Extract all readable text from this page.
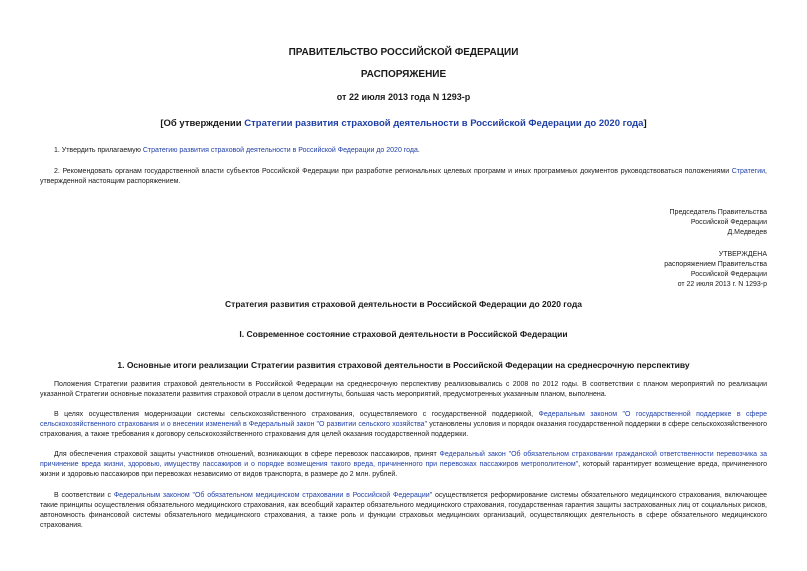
ПРАВИТЕЛЬСТВО РОССИЙСКОЙ ФЕДЕРАЦИИ
РАСПОРЯЖЕНИЕ
от 22 июля 2013 года N 1293-р
[Об утверждении Стратегии развития страховой деятельности в Российской Федерации до 2020 года]
1. Утвердить прилагаемую Стратегию развития страховой деятельности в Российской Федерации до 2020 года.
2. Рекомендовать органам государственной власти субъектов Российской Федерации при разработке региональных целевых программ и иных программных документов руководствоваться положениями Стратегии, утвержденной настоящим распоряжением.
Председатель Правительства
Российской Федерации
Д.Медведев
УТВЕРЖДЕНА
распоряжением Правительства
Российской Федерации
от 22 июля 2013 г. N 1293-р
Стратегия развития страховой деятельности в Российской Федерации до 2020 года
I. Современное состояние страховой деятельности в Российской Федерации
1. Основные итоги реализации Стратегии развития страховой деятельности в Российской Федерации на среднесрочную перспективу
Положения Стратегии развития страховой деятельности в Российской Федерации на среднесрочную перспективу реализовывались с 2008 по 2012 годы. В соответствии с планом мероприятий по реализации указанной Стратегии основные показатели развития страховой отрасли в целом достигнуты, большая часть мероприятий, предусмотренных указанным планом, выполнена.
В целях осуществления модернизации системы сельскохозяйственного страхования, осуществляемого с государственной поддержкой, Федеральным законом "О государственной поддержке в сфере сельскохозяйственного страхования и о внесении изменений в Федеральный закон "О развитии сельского хозяйства" установлены условия и порядок оказания государственной поддержки в сфере сельскохозяйственного страхования, а также требования к договору сельскохозяйственного страхования для целей оказания государственной поддержки.
Для обеспечения страховой защиты участников отношений, возникающих в сфере перевозок пассажиров, принят Федеральный закон "Об обязательном страховании гражданской ответственности перевозчика за причинение вреда жизни, здоровью, имуществу пассажиров и о порядке возмещения такого вреда, причиненного при перевозках пассажиров метрополитеном", который гарантирует возмещение вреда, причиненного жизни и здоровью пассажиров при перевозках независимо от видов транспорта, в размере до 2 млн. рублей.
В соответствии с Федеральным законом "Об обязательном медицинском страховании в Российской Федерации" осуществляется реформирование системы обязательного медицинского страхования, включающее такие принципы осуществления обязательного медицинского страхования, как всеобщий характер обязательного медицинского страхования, государственная гарантия защиты застрахованных лиц от социальных рисков, автономность финансовой системы обязательного медицинского страхования, а также роль и функции страховых медицинских организаций, осуществляющих деятельность в сфере обязательного медицинского страхования.
